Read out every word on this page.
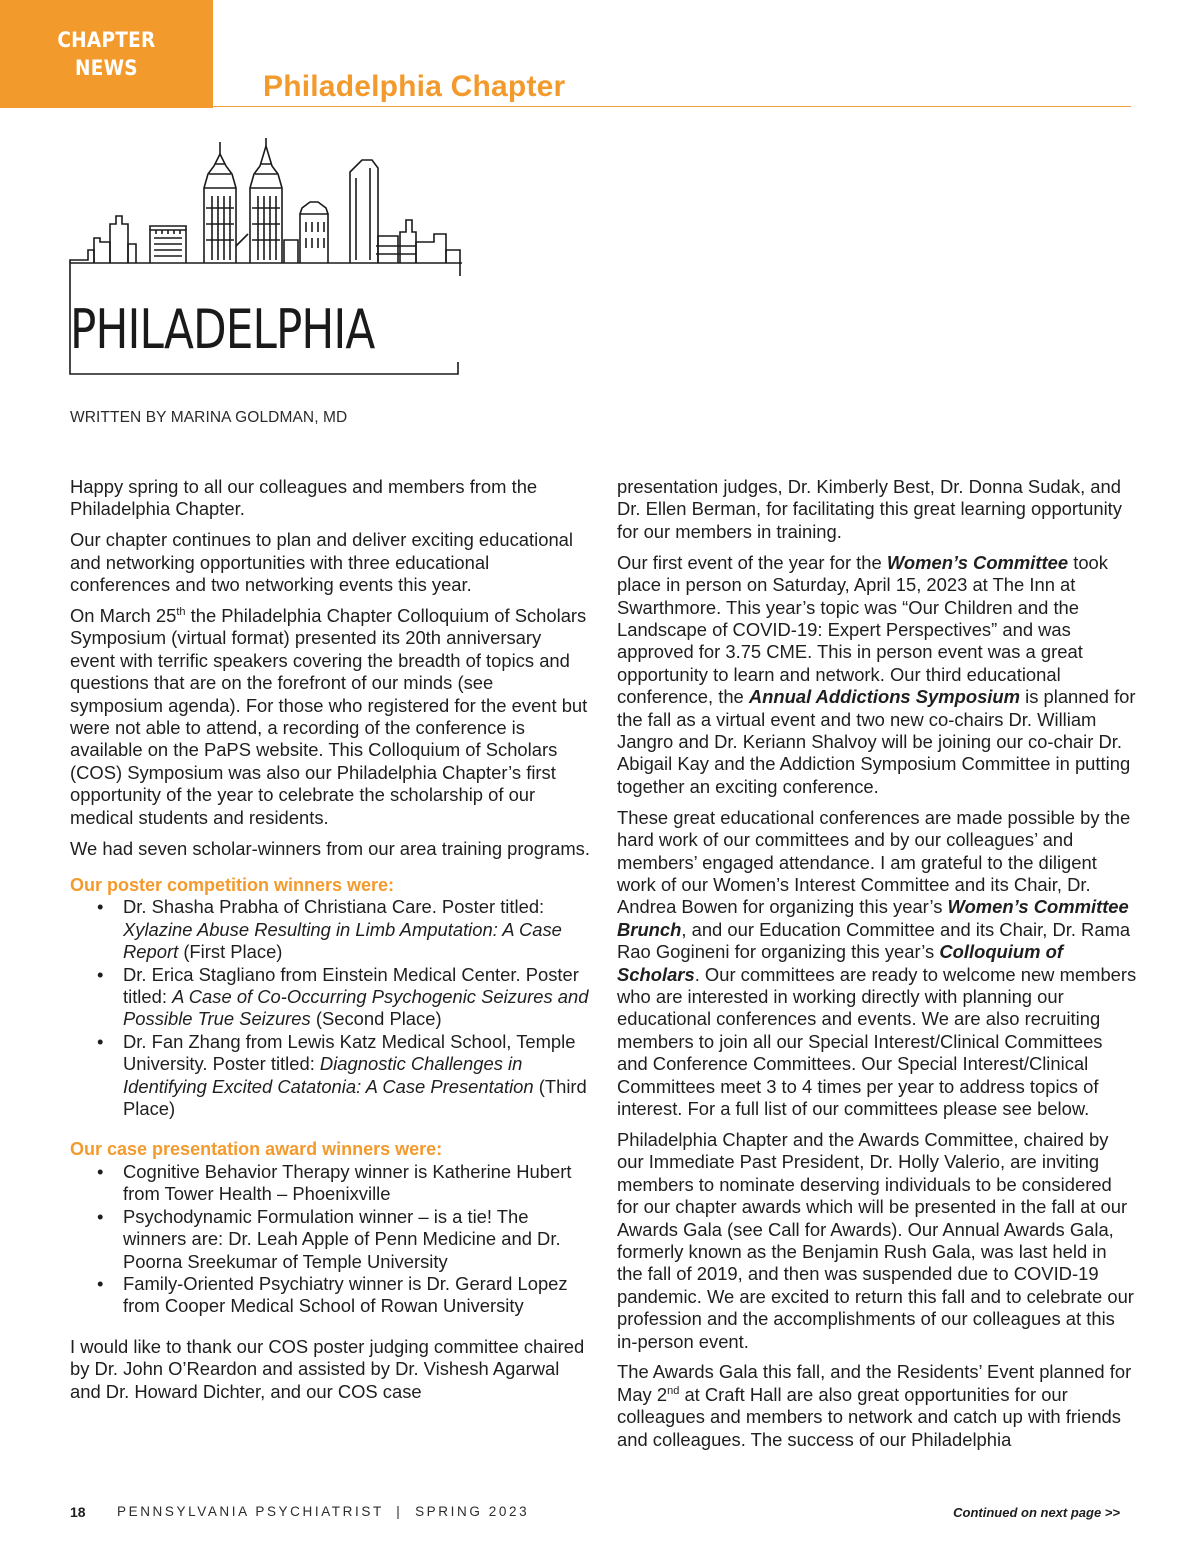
CHAPTER
NEWS
Philadelphia Chapter
PHILADELPHIA
WRITTEN BY MARINA GOLDMAN, MD

Happy spring to all our colleagues and members from the Philadelphia Chapter.

Our chapter continues to plan and deliver exciting educational and networking opportunities with three educational conferences and two networking events this year.

On March 25th the Philadelphia Chapter Colloquium of Scholars Symposium (virtual format) presented its 20th anniversary event with terrific speakers covering the breadth of topics and questions that are on the forefront of our minds (see symposium agenda). For those who registered for the event but were not able to attend, a recording of the conference is available on the PaPS website. This Colloquium of Scholars (COS) Symposium was also our Philadelphia Chapter’s first opportunity of the year to celebrate the scholarship of our medical students and residents.

We had seven scholar-winners from our area training programs.

Our poster competition winners were:
• Dr. Shasha Prabha of Christiana Care. Poster titled: Xylazine Abuse Resulting in Limb Amputation: A Case Report (First Place)
• Dr. Erica Stagliano from Einstein Medical Center. Poster titled: A Case of Co-Occurring Psychogenic Seizures and Possible True Seizures (Second Place)
• Dr. Fan Zhang from Lewis Katz Medical School, Temple University. Poster titled: Diagnostic Challenges in Identifying Excited Catatonia: A Case Presentation (Third Place)
Our case presentation award winners were:
• Cognitive Behavior Therapy winner is Katherine Hubert from Tower Health – Phoenixville
• Psychodynamic Formulation winner – is a tie! The winners are: Dr. Leah Apple of Penn Medicine and Dr. Poorna Sreekumar of Temple University
• Family-Oriented Psychiatry winner is Dr. Gerard Lopez from Cooper Medical School of Rowan University

I would like to thank our COS poster judging committee chaired by Dr. John O’Reardon and assisted by Dr. Vishesh Agarwal and Dr. Howard Dichter, and our COS case

presentation judges, Dr. Kimberly Best, Dr. Donna Sudak, and Dr. Ellen Berman, for facilitating this great learning opportunity for our members in training.

Our first event of the year for the Women’s Committee took place in person on Saturday, April 15, 2023 at The Inn at Swarthmore. This year’s topic was “Our Children and the Landscape of COVID-19: Expert Perspectives” and was approved for 3.75 CME. This in person event was a great opportunity to learn and network. Our third educational conference, the Annual Addictions Symposium is planned for the fall as a virtual event and two new co-chairs Dr. William Jangro and Dr. Keriann Shalvoy will be joining our co-chair Dr. Abigail Kay and the Addiction Symposium Committee in putting together an exciting conference.

These great educational conferences are made possible by the hard work of our committees and by our colleagues’ and members’ engaged attendance. I am grateful to the diligent work of our Women’s Interest Committee and its Chair, Dr. Andrea Bowen for organizing this year’s Women’s Committee Brunch, and our Education Committee and its Chair, Dr. Rama Rao Gogineni for organizing this year’s Colloquium of Scholars. Our committees are ready to welcome new members who are interested in working directly with planning our educational conferences and events. We are also recruiting members to join all our Special Interest/Clinical Committees and Conference Committees. Our Special Interest/Clinical Committees meet 3 to 4 times per year to address topics of interest. For a full list of our committees please see below.

Philadelphia Chapter and the Awards Committee, chaired by our Immediate Past President, Dr. Holly Valerio, are inviting members to nominate deserving individuals to be considered for our chapter awards which will be presented in the fall at our Awards Gala (see Call for Awards). Our Annual Awards Gala, formerly known as the Benjamin Rush Gala, was last held in the fall of 2019, and then was suspended due to COVID-19 pandemic. We are excited to return this fall and to celebrate our profession and the accomplishments of our colleagues at this in-person event.

The Awards Gala this fall, and the Residents’ Event planned for May 2nd at Craft Hall are also great opportunities for our colleagues and members to network and catch up with friends and colleagues. The success of our Philadelphia

18 PENNSYLVANIA PSYCHIATRIST  |  SPRING 2023	Continued on next page >>
